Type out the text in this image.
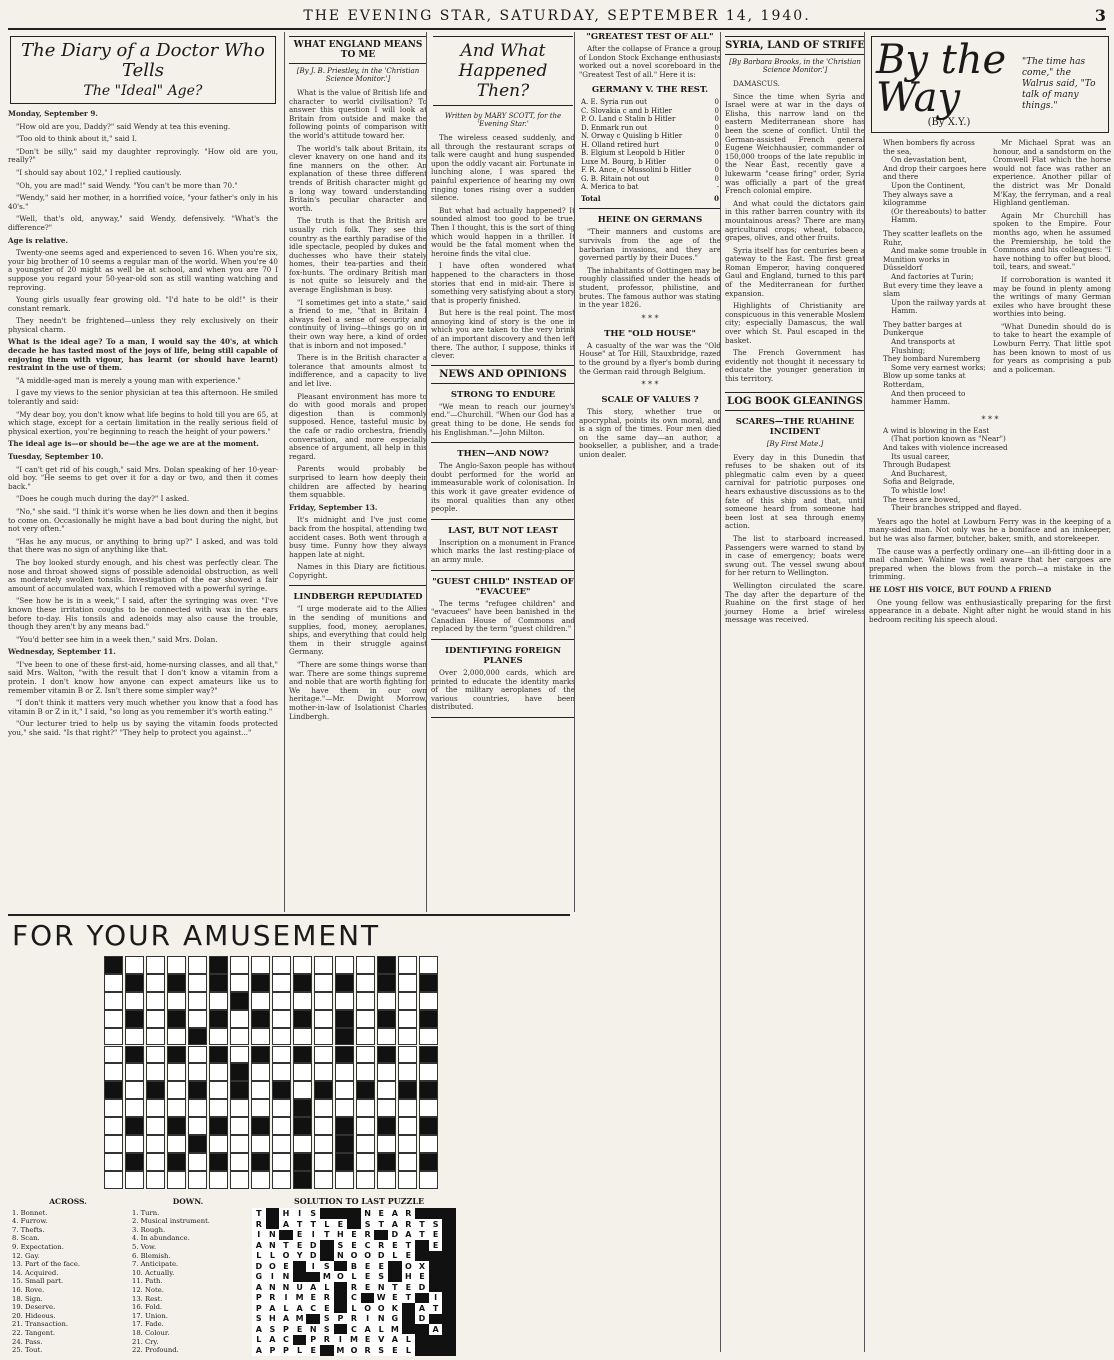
THE EVENING STAR, SATURDAY, SEPTEMBER 14, 1940.	3
The Diary of a Doctor Who Tells
The "Ideal" Age?

Monday, September 9.

"How old are you, Daddy?" said Wendy at tea this evening.

"Too old to think about it," said I.

"Don't be silly," said my daughter reprovingly. "How old are you, really?"

"I should say about 102," I replied cautiously.

"Oh, you are mad!" said Wendy. "You can't be more than 70."

"Wendy," said her mother, in a horrified voice, "your father's only in his 40's."

"Well, that's old, anyway," said Wendy, defensively. "What's the difference?"

Age is relative.

Twenty-one seems aged and experienced to seven 16. When you're six, your big brother of 10 seems a regular man of the world. When you're 40 a youngster of 20 might as well be at school, and when you are 70 I suppose you regard your 50-year-old son as still wanting watching and reproving.

Young girls usually fear growing old. "I'd hate to be old!" is their constant remark.

They needn't be frightened—unless they rely exclusively on their physical charm.

What is the ideal age? To a man, I would say the 40's, at which decade he has tasted most of the joys of life, being still capable of enjoying them with vigour, has learnt (or should have learnt) restraint in the use of them.

"A middle-aged man is merely a young man with experience."

I gave my views to the senior physician at tea this afternoon. He smiled tolerantly and said:

"My dear boy, you don't know what life begins to hold till you are 65, at which stage, except for a certain limitation in the really serious field of physical exertion, you're beginning to reach the height of your powers."

The ideal age is—or should be—the age we are at the moment.

Tuesday, September 10.

"I can't get rid of his cough," said Mrs. Dolan speaking of her 10-year-old boy. "He seems to get over it for a day or two, and then it comes back."

"Does he cough much during the day?" I asked.

"No," she said. "I think it's worse when he lies down and then it begins to come on. Occasionally he might have a bad bout during the night, but not very often."

"Has he any mucus, or anything to bring up?" I asked, and was told that there was no sign of anything like that.

The boy looked sturdy enough, and his chest was perfectly clear. The nose and throat showed signs of possible adenoidal obstruction, as well as moderately swollen tonsils. Investigation of the ear showed a fair amount of accumulated wax, which I removed with a powerful syringe.

"See how he is in a week," I said, after the syringing was over. "I've known these irritation coughs to be connected with wax in the ears before to-day. His tonsils and adenoids may also cause the trouble, though they aren't by any means bad."

"You'd better see him in a week then," said Mrs. Dolan.

Wednesday, September 11.

"I've been to one of these first-aid, home-nursing classes, and all that," said Mrs. Walton, "with the result that I don't know a vitamin from a protein. I don't know how anyone can expect amateurs like us to remember vitamin B or Z. Isn't there some simpler way?"

"I don't think it matters very much whether you know that a food has vitamin B or Z in it," I said, "so long as you remember it's worth eating."

"Our lecturer tried to help us by saying the vitamin foods protected you," she said. "Is that right?" "They help to protect you against..."

WHAT ENGLAND MEANS TO ME
[By J. B. Priestley, in the 'Christian Science Monitor.']

What is the value of British life and character to world civilisation? To answer this question I will look at Britain from outside and make the following points of comparison with the world's attitude toward her.

The world's talk about Britain, its clever knavery on one hand and its fine manners on the other. An explanation of these three different trends of British character might go a long way toward understanding Britain's peculiar character and worth.

The truth is that the British are usually rich folk. They see this country as the earthly paradise of the idle spectacle, peopled by dukes and duchesses who have their stately homes, their tea-parties and their fox-hunts. The ordinary British man is not quite so leisurely and the average Englishman is busy.

"I sometimes get into a state," said a friend to me, "that in Britain I always feel a sense of security and continuity of living—things go on in their own way here, a kind of order that is inborn and not imposed."

There is in the British character a tolerance that amounts almost to indifference, and a capacity to live and let live.

Pleasant environment has more to do with good morals and proper digestion than is commonly supposed. Hence, tasteful music by the cafe or radio orchestra, friendly conversation, and more especially absence of argument, all help in this regard.

Parents would probably be surprised to learn how deeply their children are affected by hearing them squabble.

Friday, September 13.

It's midnight and I've just come back from the hospital, attending two accident cases. Both went through a busy time. Funny how they always happen late at night.

Names in this Diary are fictitious. Copyright.

LINDBERGH REPUDIATED

"I urge moderate aid to the Allies in the sending of munitions and supplies, food, money, aeroplanes, ships, and everything that could help them in their struggle against Germany.

"There are some things worse than war. There are some things supreme and noble that are worth fighting for. We have them in our own heritage."—Mr. Dwight Morrow, mother-in-law of Isolationist Charles Lindbergh.

And What Happened Then?
Written by MARY SCOTT, for the 'Evening Star.'

The wireless ceased suddenly, and all through the restaurant scraps of talk were caught and hung suspended upon the oddly vacant air. Fortunate in lunching alone, I was spared the painful experience of hearing my own ringing tones rising over a sudden silence.

But what had actually happened? It sounded almost too good to be true. Then I thought, this is the sort of thing which would happen in a thriller. It would be the fatal moment when the heroine finds the vital clue.

I have often wondered what happened to the characters in those stories that end in mid-air. There is something very satisfying about a story that is properly finished.

But here is the real point. The most annoying kind of story is the one in which you are taken to the very brink of an important discovery and then left there. The author, I suppose, thinks it clever.

NEWS AND OPINIONS
STRONG TO ENDURE

"We mean to reach our journey's end."—Churchill. "When our God has a great thing to be done, He sends for his Englishman."—John Milton.

THEN—AND NOW?

The Anglo-Saxon people has without doubt performed for the world an immeasurable work of colonisation. In this work it gave greater evidence of its moral qualities than any other people.

LAST, BUT NOT LEAST

Inscription on a monument in France which marks the last resting-place of an army mule.

"GUEST CHILD" INSTEAD OF "EVACUEE"

The terms "refugee children" and "evacuees" have been banished in the Canadian House of Commons and replaced by the term "guest children."

IDENTIFYING FOREIGN PLANES

Over 2,000,000 cards, which are printed to educate the identity marks of the military aeroplanes of the various countries, have been distributed.

"GREATEST TEST OF ALL"

After the collapse of France a group of London Stock Exchange enthusiasts worked out a novel scoreboard in the "Greatest Test of all." Here it is:

GERMANY V. THE REST.
A. E. Syria run out	0
C. Slovakia c and b Hitler	0
P. O. Land c Stalin b Hitler	0
D. Enmark run out	0
N. Orway c Quisling b Hitler	0
H. Olland retired hurt	0
B. Elgium st Leopold b Hitler	0
Luxe M. Bourg, b Hitler	0
F. R. Ance, c Mussolini b Hitler	0
G. B. Ritain not out	0
A. Merica to bat	-
Total	0
HEINE ON GERMANS

"Their manners and customs are survivals from the age of the barbarian invasions, and they are governed partly by their Duces."

The inhabitants of Gottingen may be roughly classified under the heads of student, professor, philistine, and brutes. The famous author was stating in the year 1826.

* * *
THE "OLD HOUSE"

A casualty of the war was the "Old House" at Tor Hill, Stauxbridge, razed to the ground by a flyer's bomb during the German raid through Belgium.

* * *
SCALE OF VALUES ?

This story, whether true or apocryphal, points its own moral, and is a sign of the times. Four men died on the same day—an author, a bookseller, a publisher, and a trade-union dealer.

SYRIA, LAND OF STRIFE
[By Barbara Brooks, in the 'Christian Science Monitor.']

DAMASCUS.

Since the time when Syria and Israel were at war in the days of Elisha, this narrow land on the eastern Mediterranean shore has been the scene of conflict. Until the German-assisted French general Eugene Weichhausier, commander of 150,000 troops of the late republic in the Near East, recently gave a lukewarm "cease firing" order, Syria was officially a part of the great French colonial empire.

And what could the dictators gain in this rather barren country with its mountainous areas? There are many agricultural crops; wheat, tobacco, grapes, olives, and other fruits.

Syria itself has for centuries been a gateway to the East. The first great Roman Emperor, having conquered Gaul and England, turned to this part of the Mediterranean for further expansion.

Highlights of Christianity are conspicuous in this venerable Moslem city; especially Damascus, the wall over which St. Paul escaped in the basket.

The French Government has evidently not thought it necessary to educate the younger generation in this territory.

LOG BOOK GLEANINGS
SCARES—THE RUAHINE INCIDENT
[By First Mate.]

Every day in this Dunedin that refuses to be shaken out of its phlegmatic calm even by a queer carnival for patriotic purposes one hears exhaustive discussions as to the fate of this ship and that, until someone heard from someone had been lost at sea through enemy action.

The list to starboard increased. Passengers were warned to stand by in case of emergency; boats were swung out. The vessel swung about for her return to Wellington.

Wellington circulated the scare. The day after the departure of the Ruahine on the first stage of her journey Home a brief wireless message was received.

By the Way
(By X.Y.)
"The time has come," the Walrus said, "To talk of many things."

When bombers fly across the sea,

On devastation bent,

And drop their cargoes here and there

Upon the Continent,

They always save a kilogramme

(Or thereabouts) to batter Hamm.

They scatter leaflets on the Ruhr,

And make some trouble in

Munition works in Düsseldorf

And factories at Turin;

But every time they leave a slam

Upon the railway yards at Hamm.

They batter barges at Dunkerque

And transports at Flushing;

They bombard Nuremberg

Some very earnest works;

Blow up some tanks at Rotterdam,

And then proceed to hammer Hamm.

Mr Michael Sprat was an honour, and a sandstorm on the Cromwell Flat which the horse would not face was rather an experience. Another pillar of the district was Mr Donald M'Kay, the ferryman, and a real Highland gentleman.

Again Mr Churchill has spoken to the Empire. Four months ago, when he assumed the Premiership, he told the Commons and his colleagues: "I have nothing to offer but blood, toil, tears, and sweat."

If corroboration is wanted it may be found in plenty among the writings of many German exiles who have brought these worthies into being.

"What Dunedin should do is to take to heart the example of Lowburn Ferry. That little spot has been known to most of us for years as comprising a pub and a policeman.

* * *

A wind is blowing in the East

(That portion known as "Near")

And takes with violence increased

Its usual career,

Through Budapest

And Bucharest,

Sofia and Belgrade,

To whistle low!

The trees are bowed,

Their branches stripped and flayed.

Years ago the hotel at Lowburn Ferry was in the keeping of a many-sided man. Not only was he a boniface and an innkeeper, but he was also farmer, butcher, baker, smith, and storekeeper.

The cause was a perfectly ordinary one—an ill-fitting door in a mail chamber. Wahine was well aware that her cargoes are prepared when the blows from the porch—a mistake in the trimming.

HE LOST HIS VOICE, BUT FOUND A FRIEND

One young fellow was enthusiastically preparing for the first appearance in a debate. Night after night he would stand in his bedroom reciting his speech aloud.

FOR YOUR AMUSEMENT
SOLUTION TO LAST PUZZLE
T	H	I	S	N E A R
R	A T	T	L	E	S T A R T S
I	N	E	I	T H E R	D A T	E
A N T	E D	S E C R E	T	E
L	L O Y D	N O O D L	E
D O E	I	S	B E	E	O X
G	I	N	M O L	E S	H E
A N N U A L	R E N T	E D
P R	I	M E R	C	W E	T	I
P A L A C E	L O O K	A T
S H A M	S P R	I	N G	D
A S P E N S	C A L M	A
L A C	P R	I	M E V A L
A P P	L	E	M O R S	E	L
ACROSS.
1. Bonnet.
4. Furrow.
7. Thefts.
8. Scan.
9. Expectation.
12. Gay.
13. Part of the face.
14. Acquired.
15. Small part.
16. Rove.
18. Sign.
19. Deserve.
20. Hideous.
21. Transaction.
22. Tangent.
24. Pass.
25. Tout.
DOWN.
1. Turn.
2. Musical instrument.
3. Rough.
4. In abundance.
5. Vow.
6. Blemish.
7. Anticipate.
10. Actually.
11. Path.
12. Note.
13. Rest.
16. Fold.
17. Union.
17. Fade.
18. Colour.
21. Cry.
22. Profound.
